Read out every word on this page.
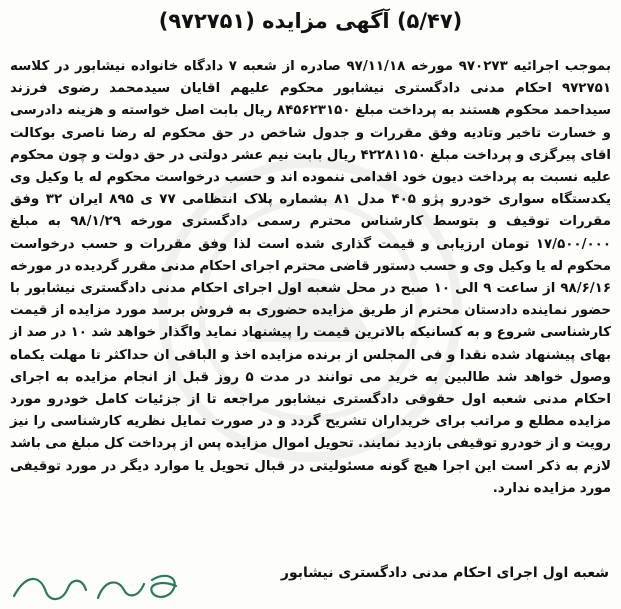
(۵/۴۷) آگهی مزایده (۹۷۲۷۵۱)
بموجب اجرائیه ۹۷۰۲۷۳ مورخه ۹۷/۱۱/۱۸ صادره از شعبه ۷ دادگاه خانواده نیشابور در کلاسه ۹۷۲۷۵۱ احکام مدنی دادگستری نیشابور محکوم علیهم اقایان سیدمحمد رضوی فرزند سیداحمد محکوم هستند به پرداخت مبلغ ۸۴۵۶۲۳۱۵۰ ریال بابت اصل خواسته و هزینه دادرسی و خسارت تاخیر وتادیه وفق مقررات و جدول شاخص در حق محکوم له رضا ناصری بوکالت اقای پیرگزی و پرداخت مبلغ ۴۲۲۸۱۱۵۰ ریال بابت نیم عشر دولتی در حق دولت و چون محکوم علیه نسبت به پرداخت دیون خود اقدامی ننموده اند و حسب درخواست محکوم له یا وکیل وی یکدستگاه سواری خودرو پژو ۴۰۵ مدل ۸۱ بشماره پلاک انتظامی ۷۷ ی ۸۹۵ ایران ۳۲ وفق مقررات توقیف و بتوسط کارشناس محترم رسمی دادگستری مورخه ۹۸/۱/۲۹ به مبلغ ۱۷/۵۰۰/۰۰۰ تومان ارزیابی و قیمت گذاری شده است لذا وفق مقررات و حسب درخواست محکوم له یا وکیل وی و حسب دستور قاضی محترم اجرای احکام مدنی مقرر گردیده در مورخه ۹۸/۶/۱۶ از ساعت ۹ الی ۱۰ صبح در محل شعبه اول اجرای احکام مدنی دادگستری نیشابور با حضور نماینده دادستان محترم از طریق مزایده حضوری به فروش برسد مورد مزایده از قیمت کارشناسی شروع و به کسانیکه بالاترین قیمت را پیشنهاد نماید واگذار خواهد شد ۱۰ در صد از بهای پیشنهاد شده نقدا و فی المجلس از برنده مزایده اخذ و الباقی ان حداکثر تا مهلت یکماه وصول خواهد شد طالبین به خرید می توانند در مدت ۵ روز قبل از انجام مزایده به اجرای احکام مدنی شعبه اول حقوقی دادگستری نیشابور مراجعه تا از جزئیات کامل خودرو مورد مزایده مطلع و مراتب برای خریداران تشریح گردد و در صورت تمایل نظریه کارشناسی را نیز رویت و از خودرو توقیفی بازدید نمایند. تحویل اموال مزایده پس از پرداخت کل مبلغ می باشد لازم به ذکر است این اجرا هیچ گونه مسئولیتی در قبال تحویل یا موارد دیگر در مورد توقیفی مورد مزایده ندارد.
شعبه اول اجرای احکام مدنی دادگستری نیشابور
